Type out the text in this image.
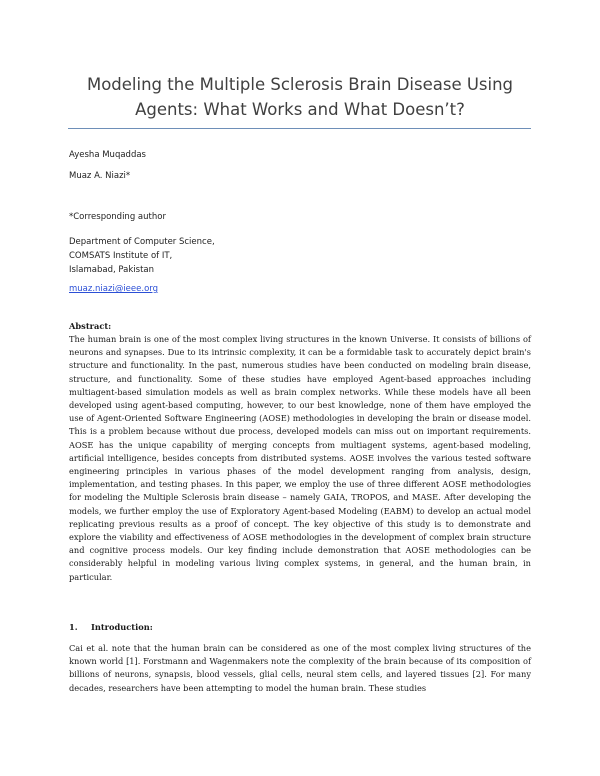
Modeling the Multiple Sclerosis Brain Disease Using Agents: What Works and What Doesn’t?
Ayesha Muqaddas
Muaz A. Niazi*
*Corresponding author
Department of Computer Science,
COMSATS Institute of IT,
Islamabad, Pakistan
muaz.niazi@ieee.org
Abstract:
The human brain is one of the most complex living structures in the known Universe. It consists of billions of neurons and synapses. Due to its intrinsic complexity, it can be a formidable task to accurately depict brain's structure and functionality. In the past, numerous studies have been conducted on modeling brain disease, structure, and functionality. Some of these studies have employed Agent-based approaches including multiagent-based simulation models as well as brain complex networks. While these models have all been developed using agent-based computing, however, to our best knowledge, none of them have employed the use of Agent-Oriented Software Engineering (AOSE) methodologies in developing the brain or disease model. This is a problem because without due process, developed models can miss out on important requirements. AOSE has the unique capability of merging concepts from multiagent systems, agent-based modeling, artificial intelligence, besides concepts from distributed systems. AOSE involves the various tested software engineering principles in various phases of the model development ranging from analysis, design, implementation, and testing phases. In this paper, we employ the use of three different AOSE methodologies for modeling the Multiple Sclerosis brain disease – namely GAIA, TROPOS, and MASE. After developing the models, we further employ the use of Exploratory Agent-based Modeling (EABM) to develop an actual model replicating previous results as a proof of concept. The key objective of this study is to demonstrate and explore the viability and effectiveness of AOSE methodologies in the development of complex brain structure and cognitive process models. Our key finding include demonstration that AOSE methodologies can be considerably helpful in modeling various living complex systems, in general, and the human brain, in particular.
1. Introduction:
Cai et al. note that the human brain can be considered as one of the most complex living structures of the known world [1]. Forstmann and Wagenmakers note the complexity of the brain because of its composition of billions of neurons, synapsis, blood vessels, glial cells, neural stem cells, and layered tissues [2]. For many decades, researchers have been attempting to model the human brain. These studies
